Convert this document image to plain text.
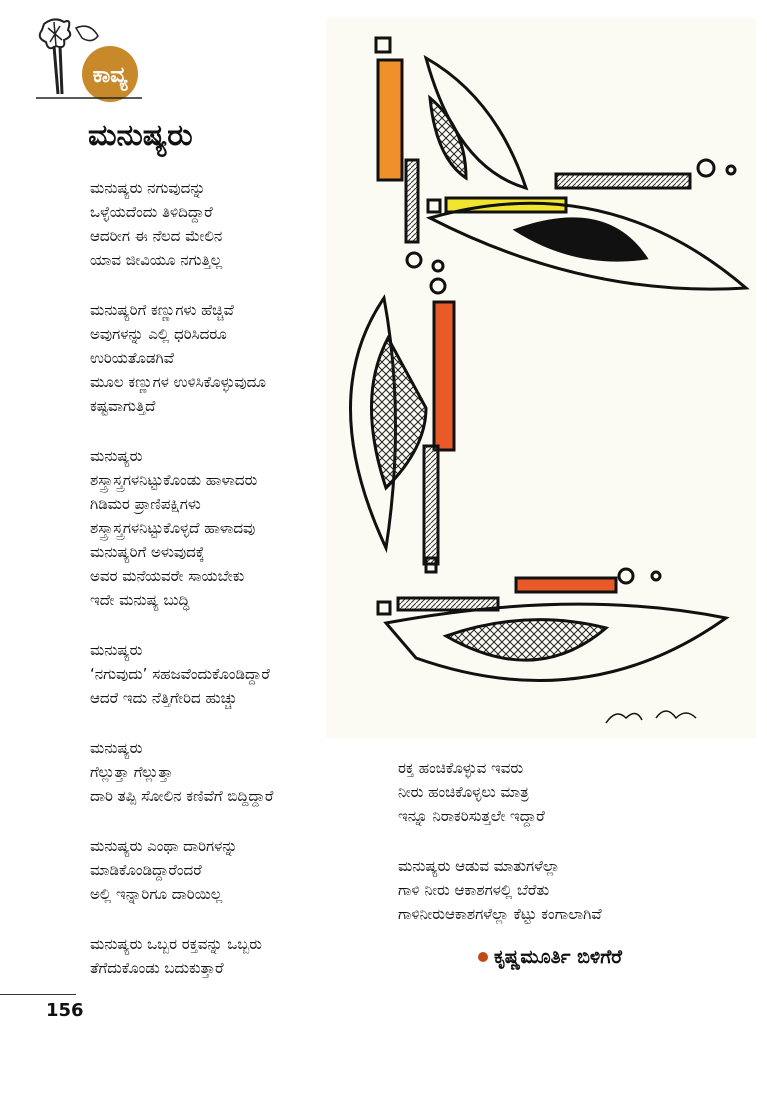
ಕಾವ್ಯ
ಮನುಷ್ಯರು
ಮನುಷ್ಯರು ನಗುವುದನ್ನು
ಒಳ್ಳೆಯದೆಂದು ತಿಳಿದಿದ್ದಾರೆ
ಆದರೀಗ ಈ ನೆಲದ ಮೇಲಿನ
ಯಾವ ಜೀವಿಯೂ ನಗುತ್ತಿಲ್ಲ
ಮನುಷ್ಯರಿಗೆ ಕಣ್ಣುಗಳು ಹೆಚ್ಚಿವೆ
ಅವುಗಳನ್ನು ಎಲ್ಲಿ ಧರಿಸಿದರೂ
ಉರಿಯತೊಡಗಿವೆ
ಮೂಲ ಕಣ್ಣುಗಳ ಉಳಿಸಿಕೊಳ್ಳುವುದೂ
ಕಷ್ಟವಾಗುತ್ತಿದೆ
ಮನುಷ್ಯರು
ಶಸ್ತ್ರಾಸ್ತ್ರಗಳನಿಟ್ಟುಕೊಂಡು ಹಾಳಾದರು
ಗಿಡಿಮರ ಪ್ರಾಣಿಪಕ್ಷಿಗಳು
ಶಸ್ತ್ರಾಸ್ತ್ರಗಳನಿಟ್ಟುಕೊಳ್ಳದೆ ಹಾಳಾದವು
ಮನುಷ್ಯರಿಗೆ ಅಳುವುದಕ್ಕೆ
ಅವರ ಮನೆಯವರೇ ಸಾಯಬೇಕು
ಇದೇ ಮನುಷ್ಯ ಬುದ್ಧಿ
ಮನುಷ್ಯರು
‘ನಗುವುದು’ ಸಹಜವೆಂದುಕೊಂಡಿದ್ದಾರೆ
ಆದರೆ ಇದು ನೆತ್ತಿಗೇರಿದ ಹುಚ್ಚು
ಮನುಷ್ಯರು
ಗೆಲ್ಲುತ್ತಾ ಗೆಲ್ಲುತ್ತಾ
ದಾರಿ ತಪ್ಪಿ ಸೋಲಿನ ಕಣಿವೆಗೆ ಬಿದ್ದಿದ್ದಾರೆ
ಮನುಷ್ಯರು ಎಂಥಾ ದಾರಿಗಳನ್ನು
ಮಾಡಿಕೊಂಡಿದ್ದಾರೆಂದರೆ
ಅಲ್ಲಿ ಇನ್ನಾರಿಗೂ ದಾರಿಯಿಲ್ಲ
ಮನುಷ್ಯರು ಒಬ್ಬರ ರಕ್ತವನ್ನು ಒಬ್ಬರು
ತೆಗೆದುಕೊಂಡು ಬದುಕುತ್ತಾರೆ
ರಕ್ತ ಹಂಚಿಕೊಳ್ಳುವ ಇವರು
ನೀರು ಹಂಚಿಕೊಳ್ಳಲು ಮಾತ್ರ
ಇನ್ನೂ ನಿರಾಕರಿಸುತ್ತಲೇ ಇದ್ದಾರೆ
ಮನುಷ್ಯರು ಆಡುವ ಮಾತುಗಳೆಲ್ಲಾ
ಗಾಳಿ ನೀರು ಆಕಾಶಗಳಲ್ಲಿ ಬೆರೆತು
ಗಾಳಿನೀರುಆಕಾಶಗಳೆಲ್ಲಾ ಕೆಟ್ಟು ಕಂಗಾಲಾಗಿವೆ
ಕೃಷ್ಣಮೂರ್ತಿ ಬಿಳಿಗೆರೆ
156
